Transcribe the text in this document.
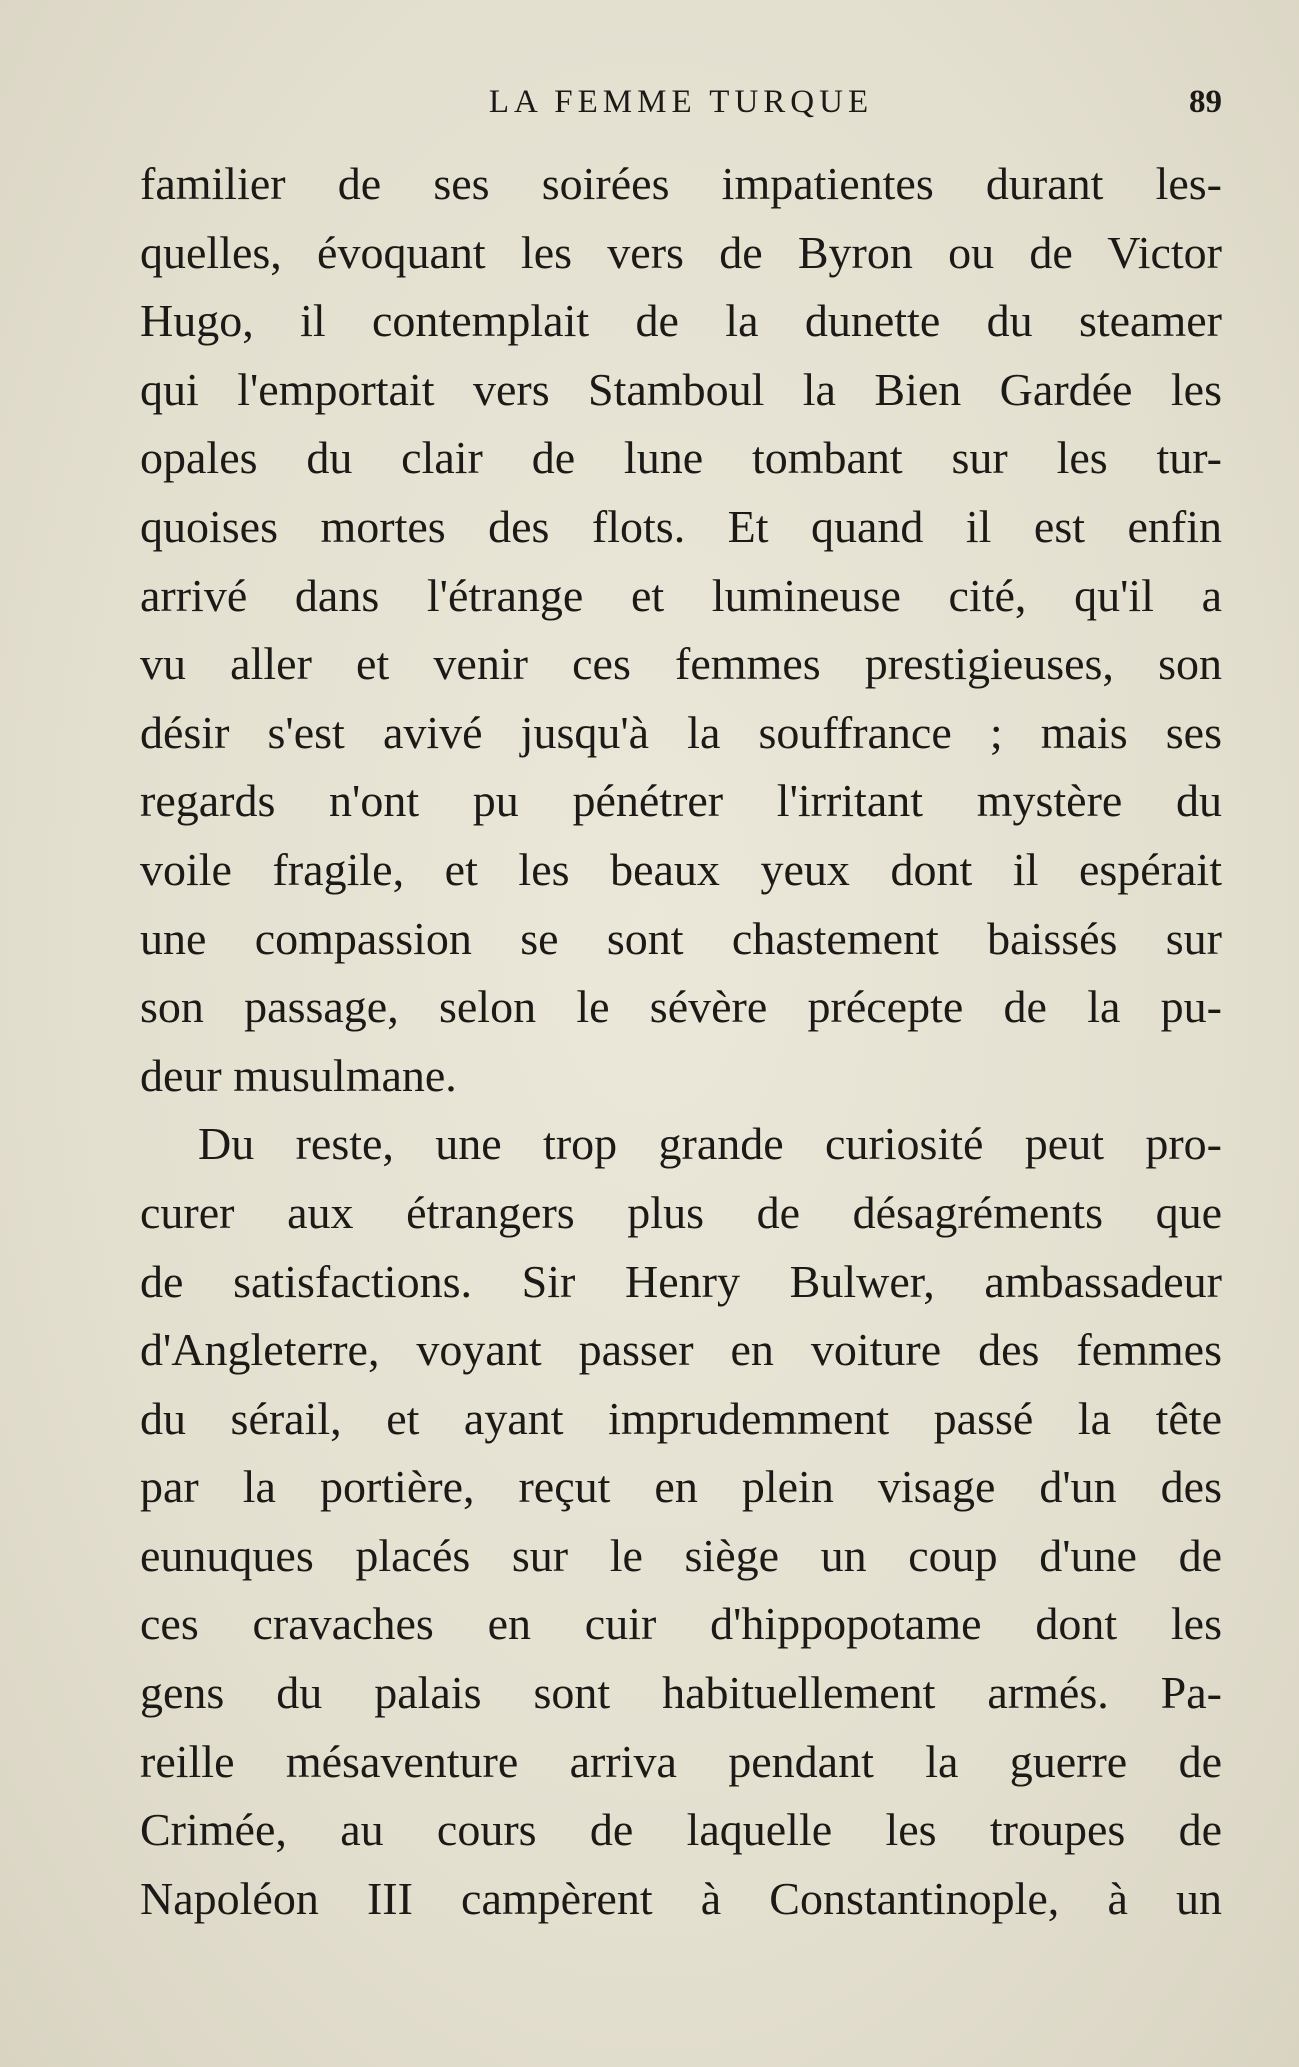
LA FEMME TURQUE	89
familier de ses soirées impatientes durant les-
quelles, évoquant les vers de Byron ou de Victor
Hugo, il contemplait de la dunette du steamer
qui l'emportait vers Stamboul la Bien Gardée les
opales du clair de lune tombant sur les tur-
quoises mortes des flots. Et quand il est enfin
arrivé dans l'étrange et lumineuse cité, qu'il a
vu aller et venir ces femmes prestigieuses, son
désir s'est avivé jusqu'à la souffrance ; mais ses
regards n'ont pu pénétrer l'irritant mystère du
voile fragile, et les beaux yeux dont il espérait
une compassion se sont chastement baissés sur
son passage, selon le sévère précepte de la pu-
deur musulmane.
Du reste, une trop grande curiosité peut pro-
curer aux étrangers plus de désagréments que
de satisfactions. Sir Henry Bulwer, ambassadeur
d'Angleterre, voyant passer en voiture des femmes
du sérail, et ayant imprudemment passé la tête
par la portière, reçut en plein visage d'un des
eunuques placés sur le siège un coup d'une de
ces cravaches en cuir d'hippopotame dont les
gens du palais sont habituellement armés. Pa-
reille mésaventure arriva pendant la guerre de
Crimée, au cours de laquelle les troupes de
Napoléon III campèrent à Constantinople, à un
